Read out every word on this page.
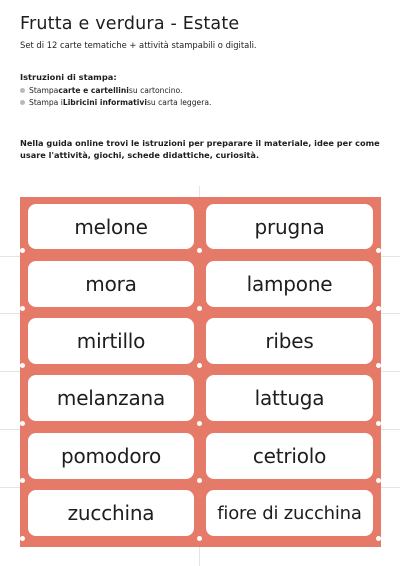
Frutta e verdura - Estate
Set di 12 carte tematiche + attività stampabili o digitali.
Istruzioni di stampa:
Stampa carte e cartellini su cartoncino.
Stampa i Libricini informativi su carta leggera.
Nella guida online trovi le istruzioni per preparare il materiale, idee per come usare l'attività, giochi, schede didattiche, curiosità.
melone	prugna
mora	lampone
mirtillo	ribes
melanzana	lattuga
pomodoro	cetriolo
zucchina	fiore di zucchina
